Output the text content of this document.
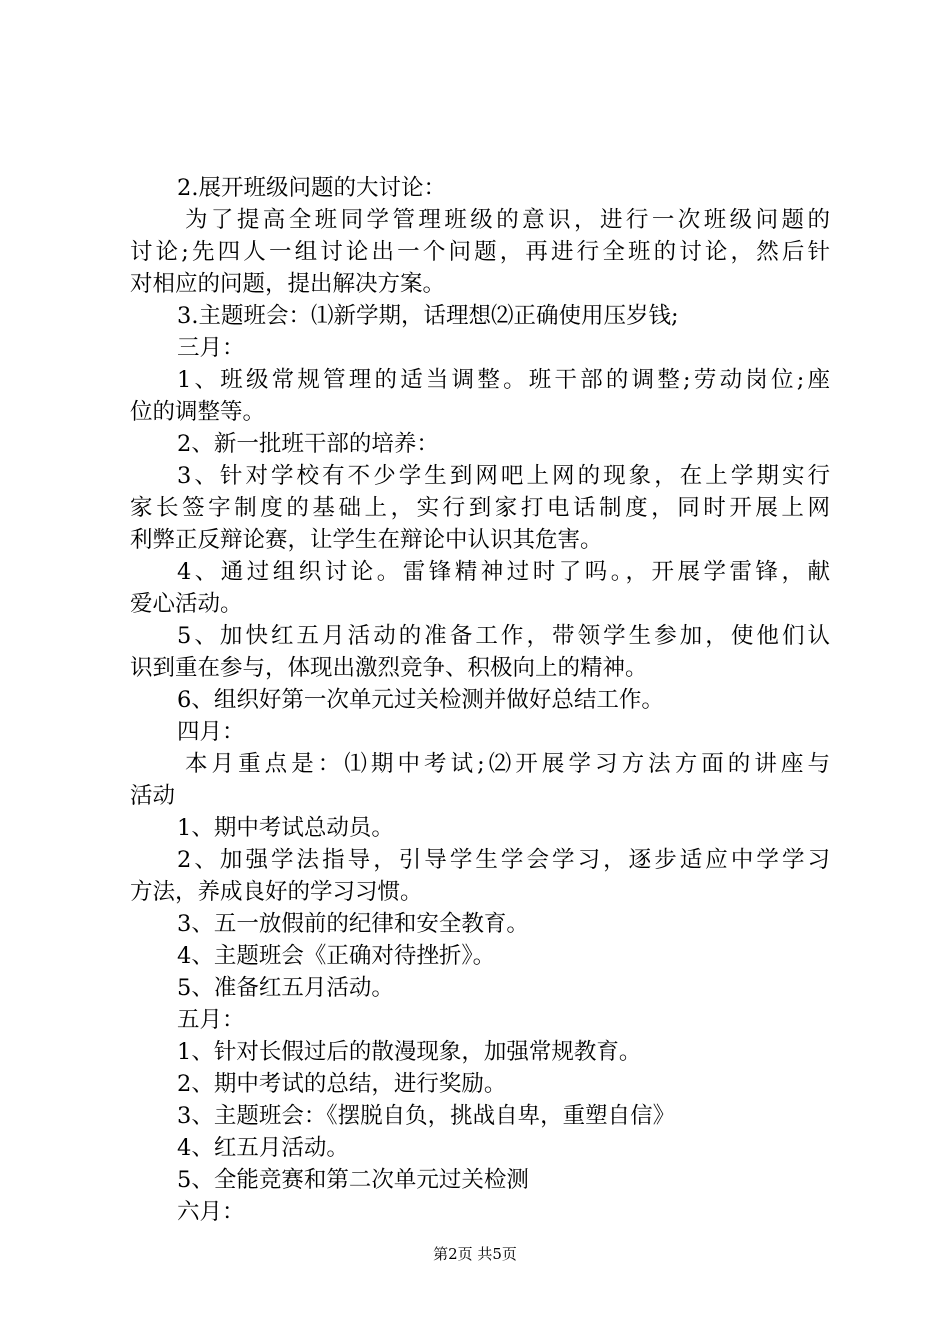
2.展开班级问题的大讨论：
为了提高全班同学管理班级的意识，进行一次班级问题的
讨论;先四人一组讨论出一个问题，再进行全班的讨论，然后针
对相应的问题，提出解决方案。
3.主题班会：⑴新学期，话理想⑵正确使用压岁钱;
三月：
1、班级常规管理的适当调整。班干部的调整;劳动岗位;座
位的调整等。
2、新一批班干部的培养：
3、针对学校有不少学生到网吧上网的现象，在上学期实行
家长签字制度的基础上，实行到家打电话制度，同时开展上网
利弊正反辩论赛，让学生在辩论中认识其危害。
4、通过组织讨论。雷锋精神过时了吗。，开展学雷锋，献
爱心活动。
5、加快红五月活动的准备工作，带领学生参加，使他们认
识到重在参与，体现出激烈竞争、积极向上的精神。
6、组织好第一次单元过关检测并做好总结工作。
四月：
本月重点是：⑴期中考试;⑵开展学习方法方面的讲座与
活动
1、期中考试总动员。
2、加强学法指导，引导学生学会学习，逐步适应中学学习
方法，养成良好的学习习惯。
3、五一放假前的纪律和安全教育。
4、主题班会《正确对待挫折》。
5、准备红五月活动。
五月：
1、针对长假过后的散漫现象，加强常规教育。
2、期中考试的总结，进行奖励。
3、主题班会：《摆脱自负，挑战自卑，重塑自信》
4、红五月活动。
5、全能竞赛和第二次单元过关检测
六月：
第2页 共5页
